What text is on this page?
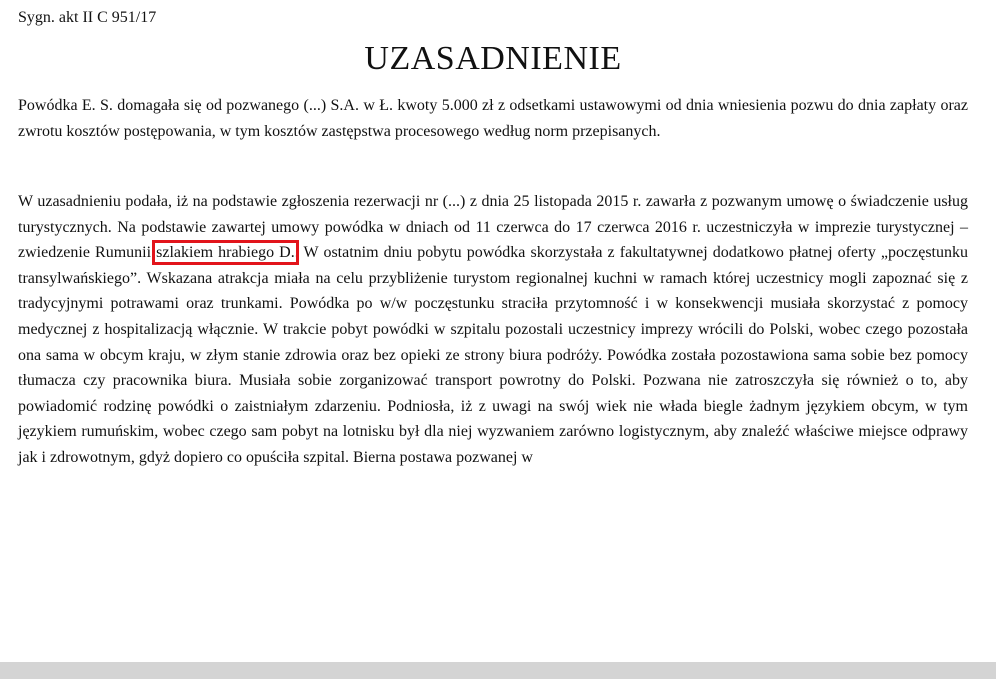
Sygn. akt II C 951/17
UZASADNIENIE

Powódka E. S. domagała się od pozwanego (...) S.A. w Ł. kwoty 5.000 zł z odsetkami ustawowymi od dnia wniesienia pozwu do dnia zapłaty oraz zwrotu kosztów postępowania, w tym kosztów zastępstwa procesowego według norm przepisanych.

W uzasadnieniu podała, iż na podstawie zgłoszenia rezerwacji nr (...) z dnia 25 listopada 2015 r. zawarła z pozwanym umowę o świadczenie usług turystycznych. Na podstawie zawartej umowy powódka w dniach od 11 czerwca do 17 czerwca 2016 r. uczestniczyła w imprezie turystycznej – zwiedzenie Rumunii szlakiem hrabiego D.. W ostatnim dniu pobytu powódka skorzystała z fakultatywnej dodatkowo płatnej oferty „poczęstunku transylwańskiego”. Wskazana atrakcja miała na celu przybliżenie turystom regionalnej kuchni w ramach której uczestnicy mogli zapoznać się z tradycyjnymi potrawami oraz trunkami. Powódka po w/w poczęstunku straciła przytomność i w konsekwencji musiała skorzystać z pomocy medycznej z hospitalizacją włącznie. W trakcie pobyt powódki w szpitalu pozostali uczestnicy imprezy wrócili do Polski, wobec czego pozostała ona sama w obcym kraju, w złym stanie zdrowia oraz bez opieki ze strony biura podróży. Powódka została pozostawiona sama sobie bez pomocy tłumacza czy pracownika biura. Musiała sobie zorganizować transport powrotny do Polski. Pozwana nie zatroszczyła się również o to, aby powiadomić rodzinę powódki o zaistniałym zdarzeniu. Podniosła, iż z uwagi na swój wiek nie włada biegle żadnym językiem obcym, w tym językiem rumuńskim, wobec czego sam pobyt na lotnisku był dla niej wyzwaniem zarówno logistycznym, aby znaleźć właściwe miejsce odprawy jak i zdrowotnym, gdyż dopiero co opuściła szpital. Bierna postawa pozwanej w
